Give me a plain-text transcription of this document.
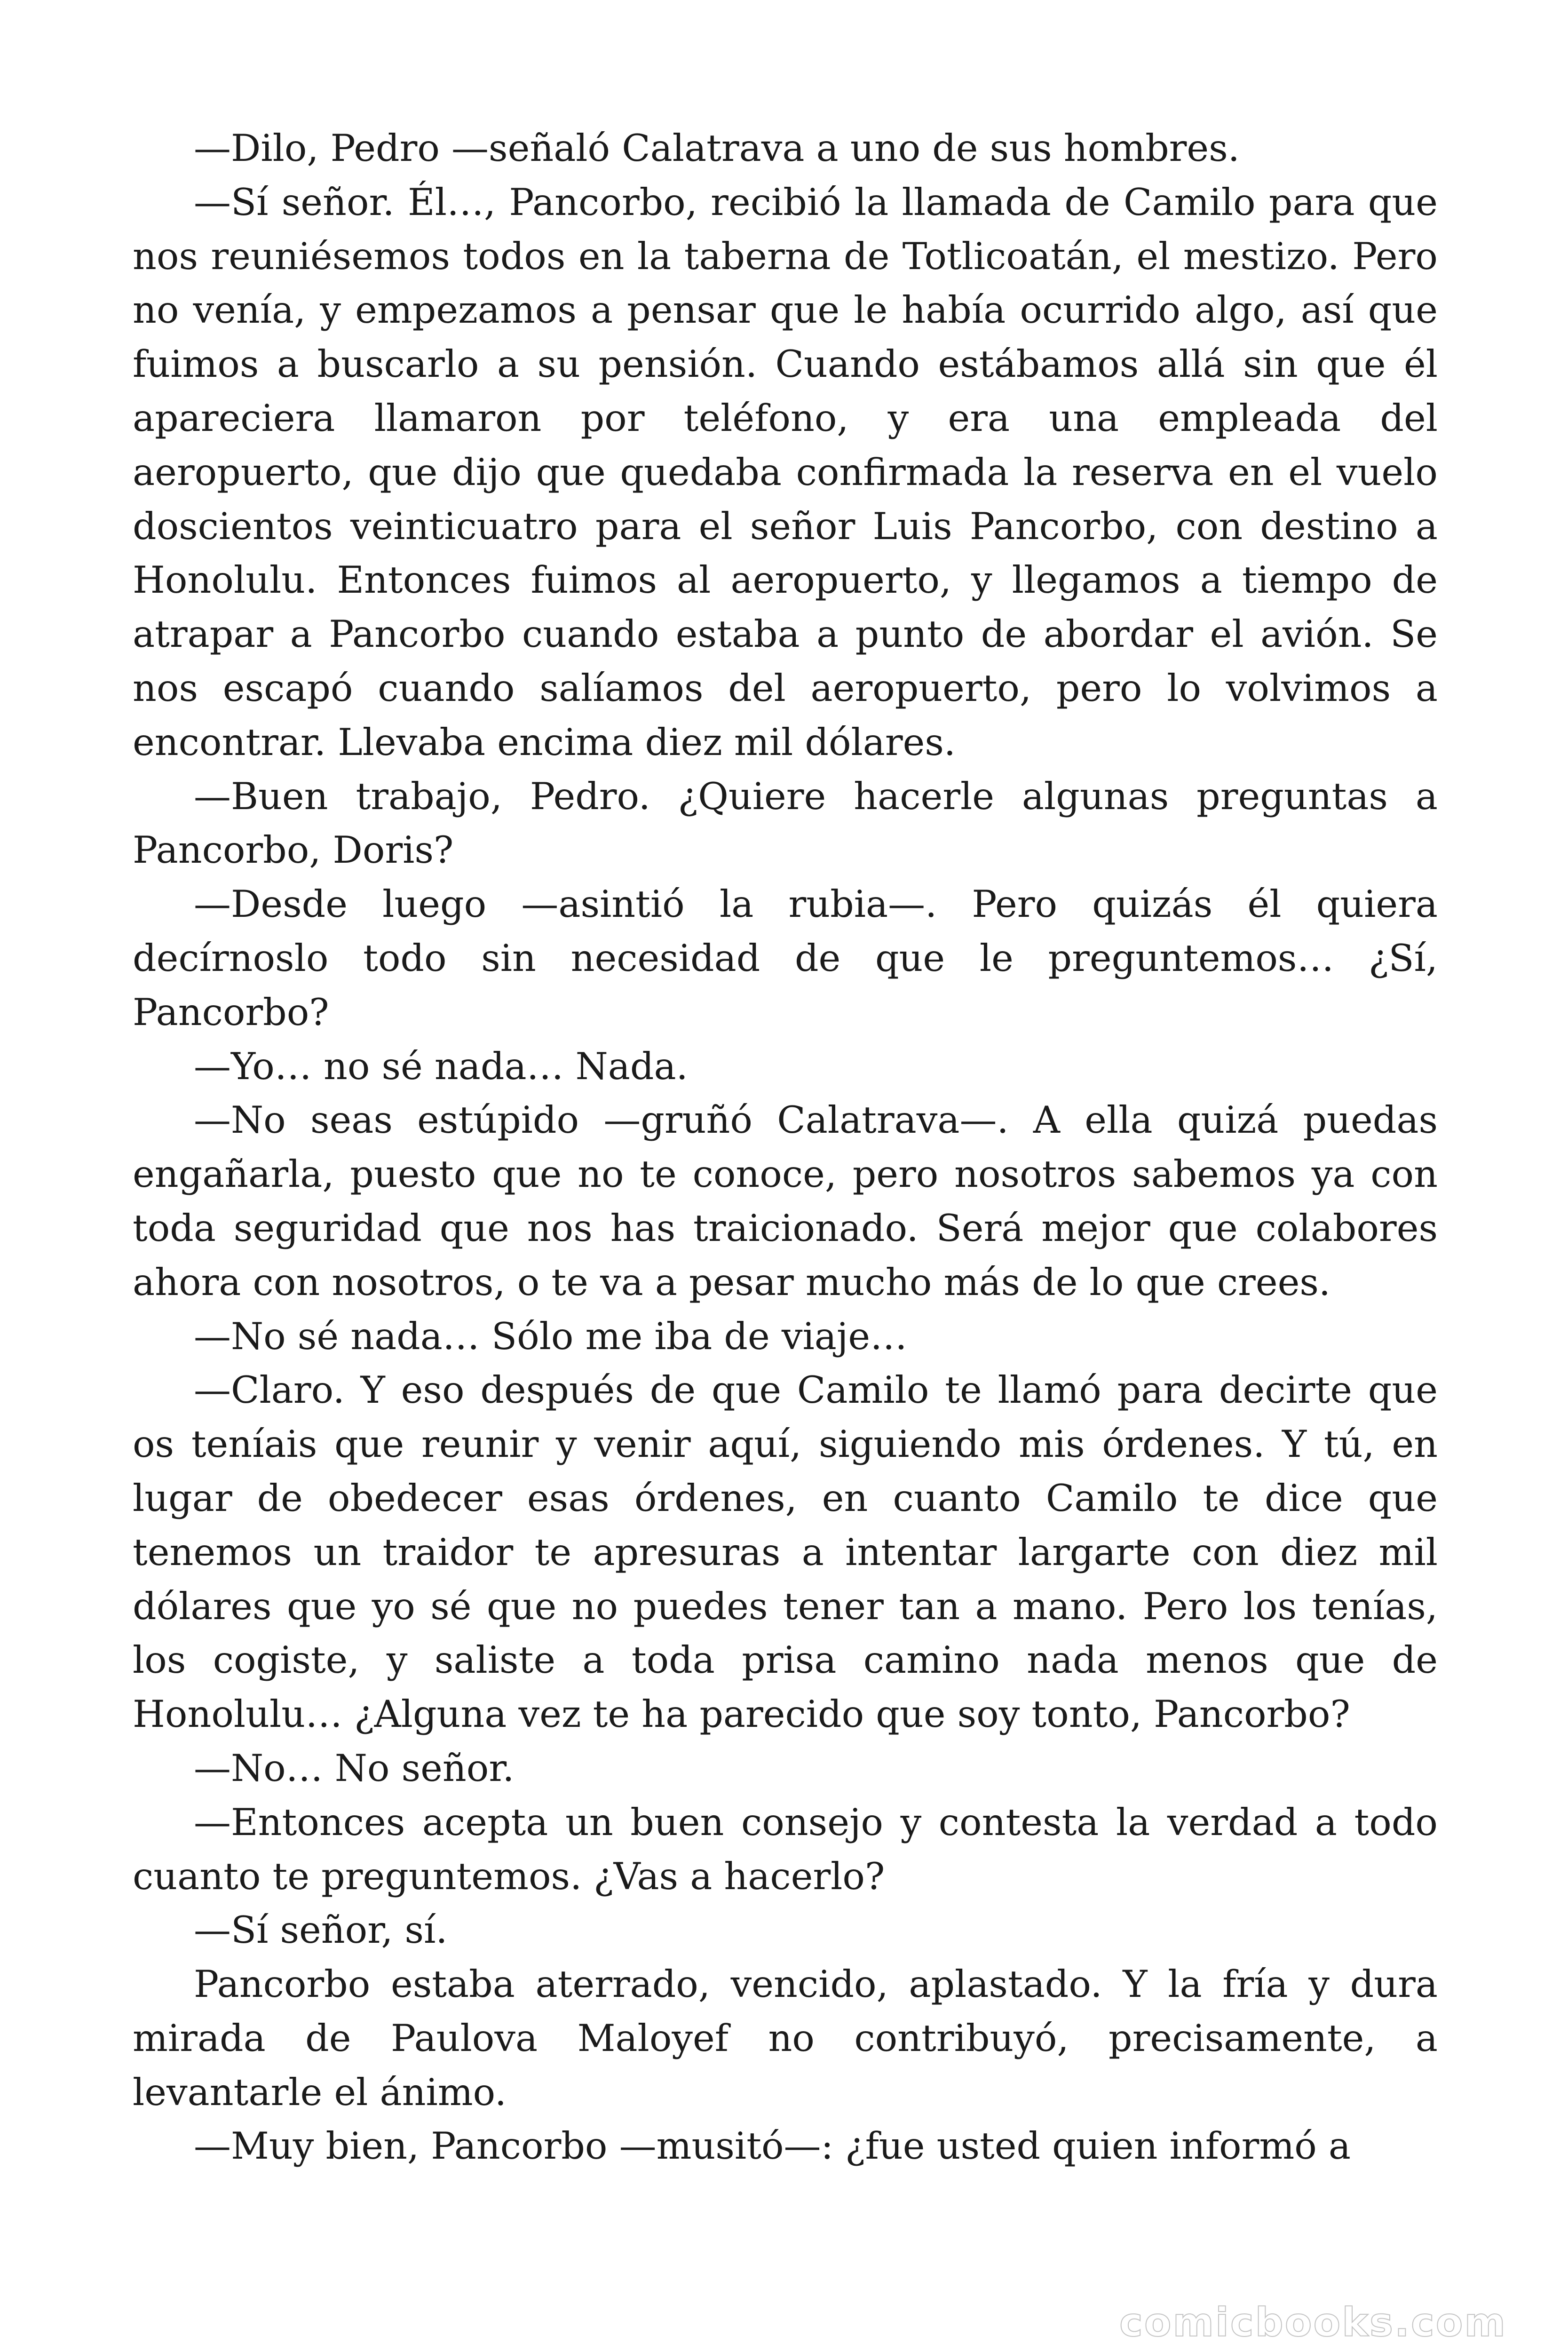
—Dilo, Pedro —señaló Calatrava a uno de sus hombres.

—Sí señor. Él…, Pancorbo, recibió la llamada de Camilo para que nos reuniésemos todos en la taberna de Totlicoatán, el mestizo. Pero no venía, y empezamos a pensar que le había ocurrido algo, así que fuimos a buscarlo a su pensión. Cuando estábamos allá sin que él apareciera llamaron por teléfono, y era una empleada del aeropuerto, que dijo que quedaba confirmada la reserva en el vuelo doscientos veinticuatro para el señor Luis Pancorbo, con destino a Honolulu. Entonces fuimos al aeropuerto, y llegamos a tiempo de atrapar a Pancorbo cuando estaba a punto de abordar el avión. Se nos escapó cuando salíamos del aeropuerto, pero lo volvimos a encontrar. Llevaba encima diez mil dólares.

—Buen trabajo, Pedro. ¿Quiere hacerle algunas preguntas a Pancorbo, Doris?

—Desde luego —asintió la rubia—. Pero quizás él quiera decírnoslo todo sin necesidad de que le preguntemos… ¿Sí, Pancorbo?

—Yo… no sé nada… Nada.

—No seas estúpido —gruñó Calatrava—. A ella quizá puedas engañarla, puesto que no te conoce, pero nosotros sabemos ya con toda seguridad que nos has traicionado. Será mejor que colabores ahora con nosotros, o te va a pesar mucho más de lo que crees.

—No sé nada… Sólo me iba de viaje…

—Claro. Y eso después de que Camilo te llamó para decirte que os teníais que reunir y venir aquí, siguiendo mis órdenes. Y tú, en lugar de obedecer esas órdenes, en cuanto Camilo te dice que tenemos un traidor te apresuras a intentar largarte con diez mil dólares que yo sé que no puedes tener tan a mano. Pero los tenías, los cogiste, y saliste a toda prisa camino nada menos que de Honolulu… ¿Alguna vez te ha parecido que soy tonto, Pancorbo?

—No… No señor.

—Entonces acepta un buen consejo y contesta la verdad a todo cuanto te preguntemos. ¿Vas a hacerlo?

—Sí señor, sí.

Pancorbo estaba aterrado, vencido, aplastado. Y la fría y dura mirada de Paulova Maloyef no contribuyó, precisamente, a levantarle el ánimo.

—Muy bien, Pancorbo —musitó—: ¿fue usted quien informó a

comicbooks.com
